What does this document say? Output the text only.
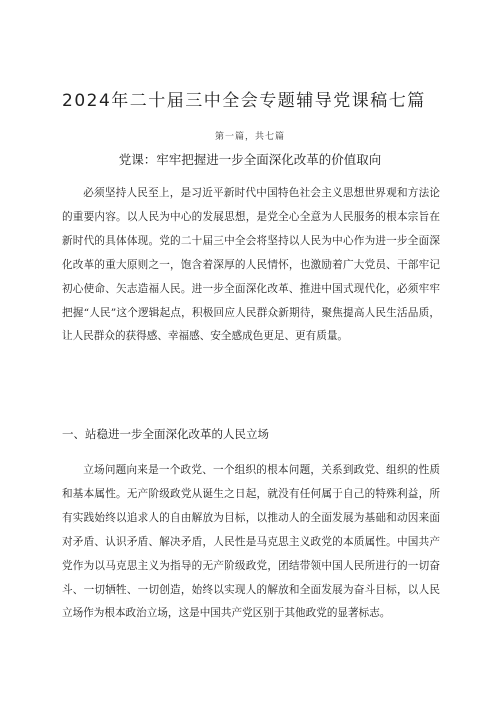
2024年二十届三中全会专题辅导党课稿七篇
第一篇，共七篇
党课：牢牢把握进一步全面深化改革的价值取向

必须坚持人民至上，是习近平新时代中国特色社会主义思想世界观和方法论的重要内容。以人民为中心的发展思想，是党全心全意为人民服务的根本宗旨在新时代的具体体现。党的二十届三中全会将坚持以人民为中心作为进一步全面深化改革的重大原则之一，饱含着深厚的人民情怀，也激励着广大党员、干部牢记初心使命、矢志造福人民。进一步全面深化改革、推进中国式现代化，必须牢牢把握“人民”这个逻辑起点，积极回应人民群众新期待，聚焦提高人民生活品质，让人民群众的获得感、幸福感、安全感成色更足、更有质量。

一、站稳进一步全面深化改革的人民立场

立场问题向来是一个政党、一个组织的根本问题，关系到政党、组织的性质和基本属性。无产阶级政党从诞生之日起，就没有任何属于自己的特殊利益，所有实践始终以追求人的自由解放为目标，以推动人的全面发展为基础和动因来面对矛盾、认识矛盾、解决矛盾，人民性是马克思主义政党的本质属性。中国共产党作为以马克思主义为指导的无产阶级政党，团结带领中国人民所进行的一切奋斗、一切牺牲、一切创造，始终以实现人的解放和全面发展为奋斗目标，以人民立场作为根本政治立场，这是中国共产党区别于其他政党的显著标志。
